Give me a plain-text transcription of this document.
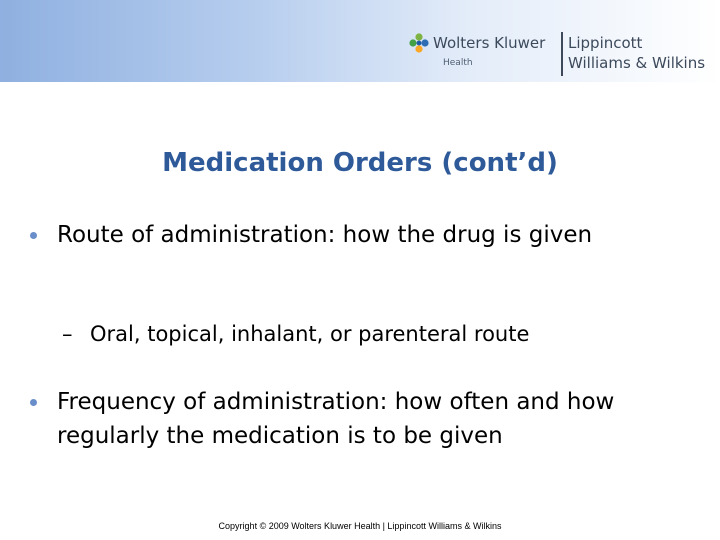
Wolters Kluwer
Health
Lippincott
Williams & Wilkins
Medication Orders (cont’d)
Route of administration: how the drug is given
– Oral, topical, inhalant, or parenteral route
Frequency of administration: how often and how regularly the medication is to be given
Copyright © 2009 Wolters Kluwer Health | Lippincott Williams & Wilkins
